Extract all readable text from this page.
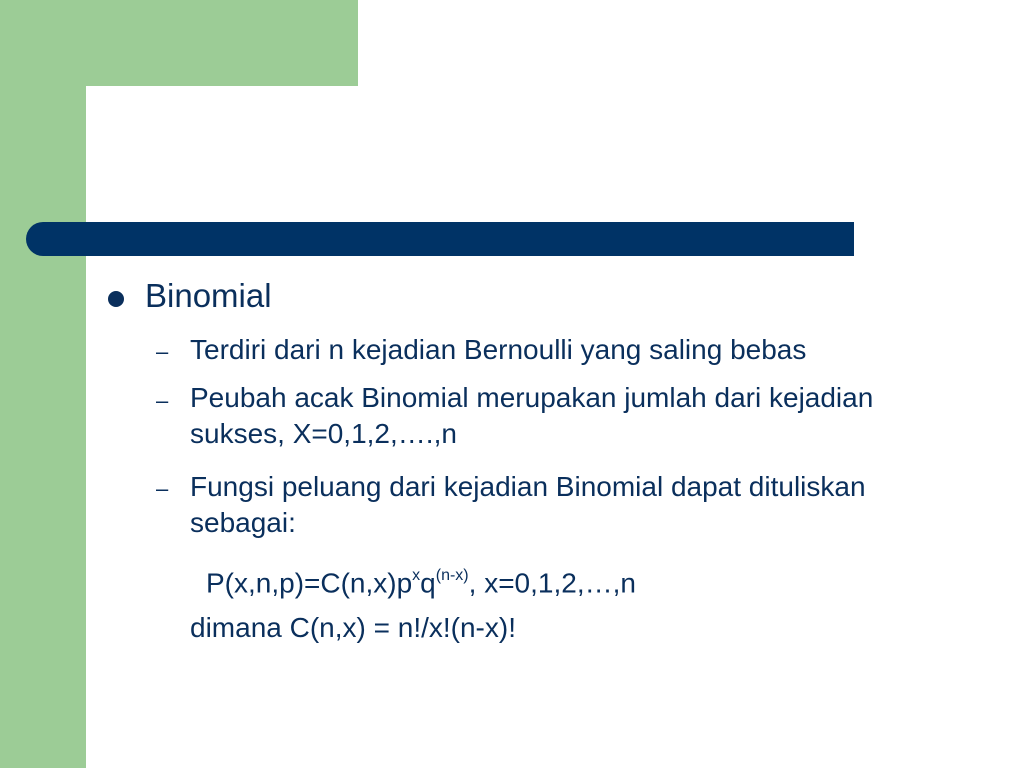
Binomial
– Terdiri dari n kejadian Bernoulli yang saling bebas
– Peubah acak Binomial merupakan jumlah dari kejadian sukses, X=0,1,2,….,n
– Fungsi peluang dari kejadian Binomial dapat dituliskan sebagai:
$P(x,n,p)=C(n,x)p^xq^{(n-x)}$, x=0,1,2,…,n
dimana C(n,x) = n!/x!(n-x)!
